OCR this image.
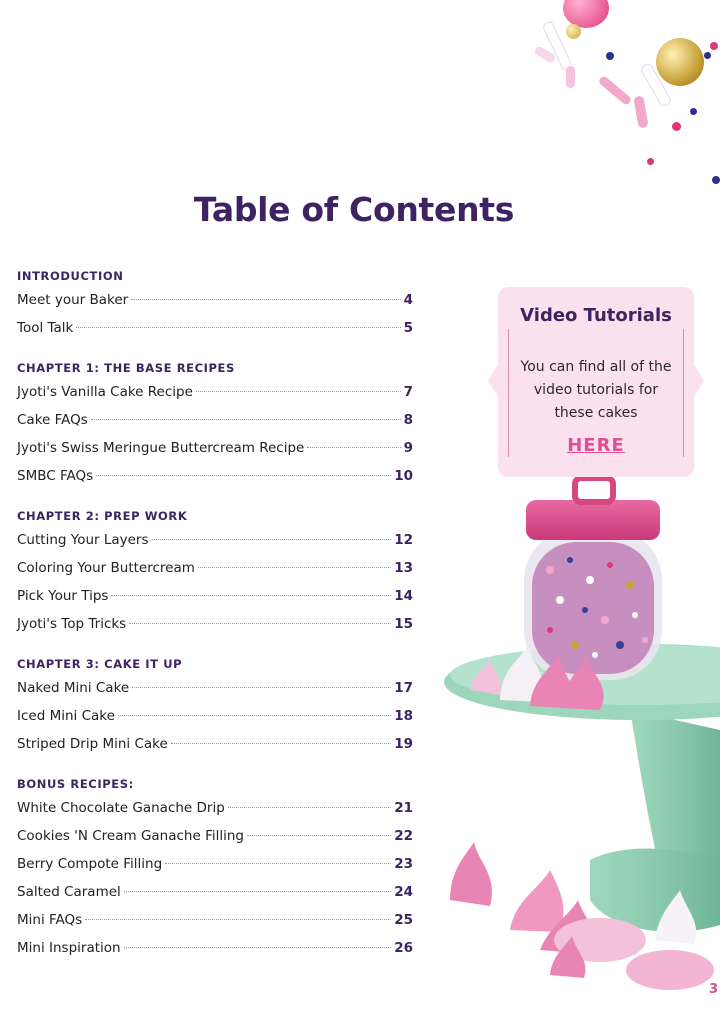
Table of Contents
INTRODUCTION
Meet your Baker	4
Tool Talk	5
CHAPTER 1: THE BASE RECIPES
Jyoti's Vanilla Cake Recipe	7
Cake FAQs	8
Jyoti's Swiss Meringue Buttercream Recipe	9
SMBC FAQs	10
CHAPTER 2: PREP WORK
Cutting Your Layers	12
Coloring Your Buttercream	13
Pick Your Tips	14
Jyoti's Top Tricks	15
CHAPTER 3: CAKE IT UP
Naked Mini Cake	17
Iced Mini Cake	18
Striped Drip Mini Cake	19
BONUS RECIPES:
White Chocolate Ganache Drip	21
Cookies 'N Cream Ganache Filling	22
Berry Compote Filling	23
Salted Caramel	24
Mini FAQs	25
Mini Inspiration	26
Video Tutorials
You can find all of the video tutorials for these cakes
HERE
3
